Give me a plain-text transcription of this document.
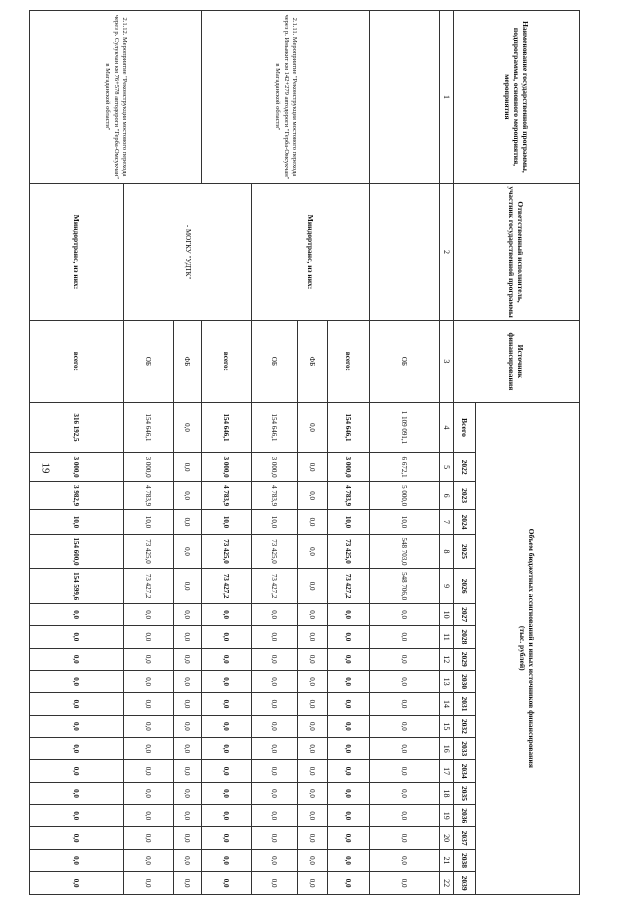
19
Наименование государственной программы, подпрограммы, основного мероприятия, мероприятия	Ответственный исполнитель, участник государственной программы	Источник финансирования	Объем бюджетных ассигнований и иных источников финансирования
(тыс. рублей)																		

			Всего	2022	2023	2024	2025	2026	2027	2028	2029	2030	2031	2032	2033	2034	2035	2036	2037	2038	2039
1	2	3	4	5	6	7	8	9	10	11	12	13	14	15	16	17	18	19	20	21	22
		ОБ	1 109 091,1	6 672,1	5 000,0	10,0	548 703,0	548 706,0	0,0	0,0	0,0	0,0	0,0	0,0	0,0	0,0	0,0	0,0	0,0	0,0	0,0
2.1.11. Мероприятие "Реконструкция мостового перехода через р. Иньякит км 142+279 автодороги "Герба-Омсукчан" в Магаданской области"	Миндортранс, из них:	всего:	154 646,1	3 000,0	4 783,9	10,0	73 425,0	73 427,2	0,0	0,0	0,0	0,0	0,0	0,0	0,0	0,0	0,0	0,0	0,0	0,0	0,0
		ФБ	0,0	0,0	0,0	0,0	0,0	0,0	0,0	0,0	0,0	0,0	0,0	0,0	0,0	0,0	0,0	0,0	0,0	0,0	0,0
		ОБ	154 646,1	3 000,0	4 783,9	10,0	73 425,0	73 427,2	0,0	0,0	0,0	0,0	0,0	0,0	0,0	0,0	0,0	0,0	0,0	0,0	0,0
	- МОГКУ "УДТК"	всего:	154 646,1	3 000,0	4 783,9	10,0	73 425,0	73 427,2	0,0	0,0	0,0	0,0	0,0	0,0	0,0	0,0	0,0	0,0	0,0	0,0	0,0
2.1.12. Мероприятие "Реконструкция мостового перехода через р. Сулукчан км 76+578 автодороги "Герба-Омсукчан" в Магаданской области"		ФБ	0,0	0,0	0,0	0,0	0,0	0,0	0,0	0,0	0,0	0,0	0,0	0,0	0,0	0,0	0,0	0,0	0,0	0,0	0,0
		ОБ	154 646,1	3 000,0	4 783,9	10,0	73 425,0	73 427,2	0,0	0,0	0,0	0,0	0,0	0,0	0,0	0,0	0,0	0,0	0,0	0,0	0,0
	Миндортранс, из них:	всего:	316 192,5	3 000,0	3 982,9	10,0	154 600,0	154 599,6	0,0	0,0	0,0	0,0	0,0	0,0	0,0	0,0	0,0	0,0	0,0	0,0	0,0
